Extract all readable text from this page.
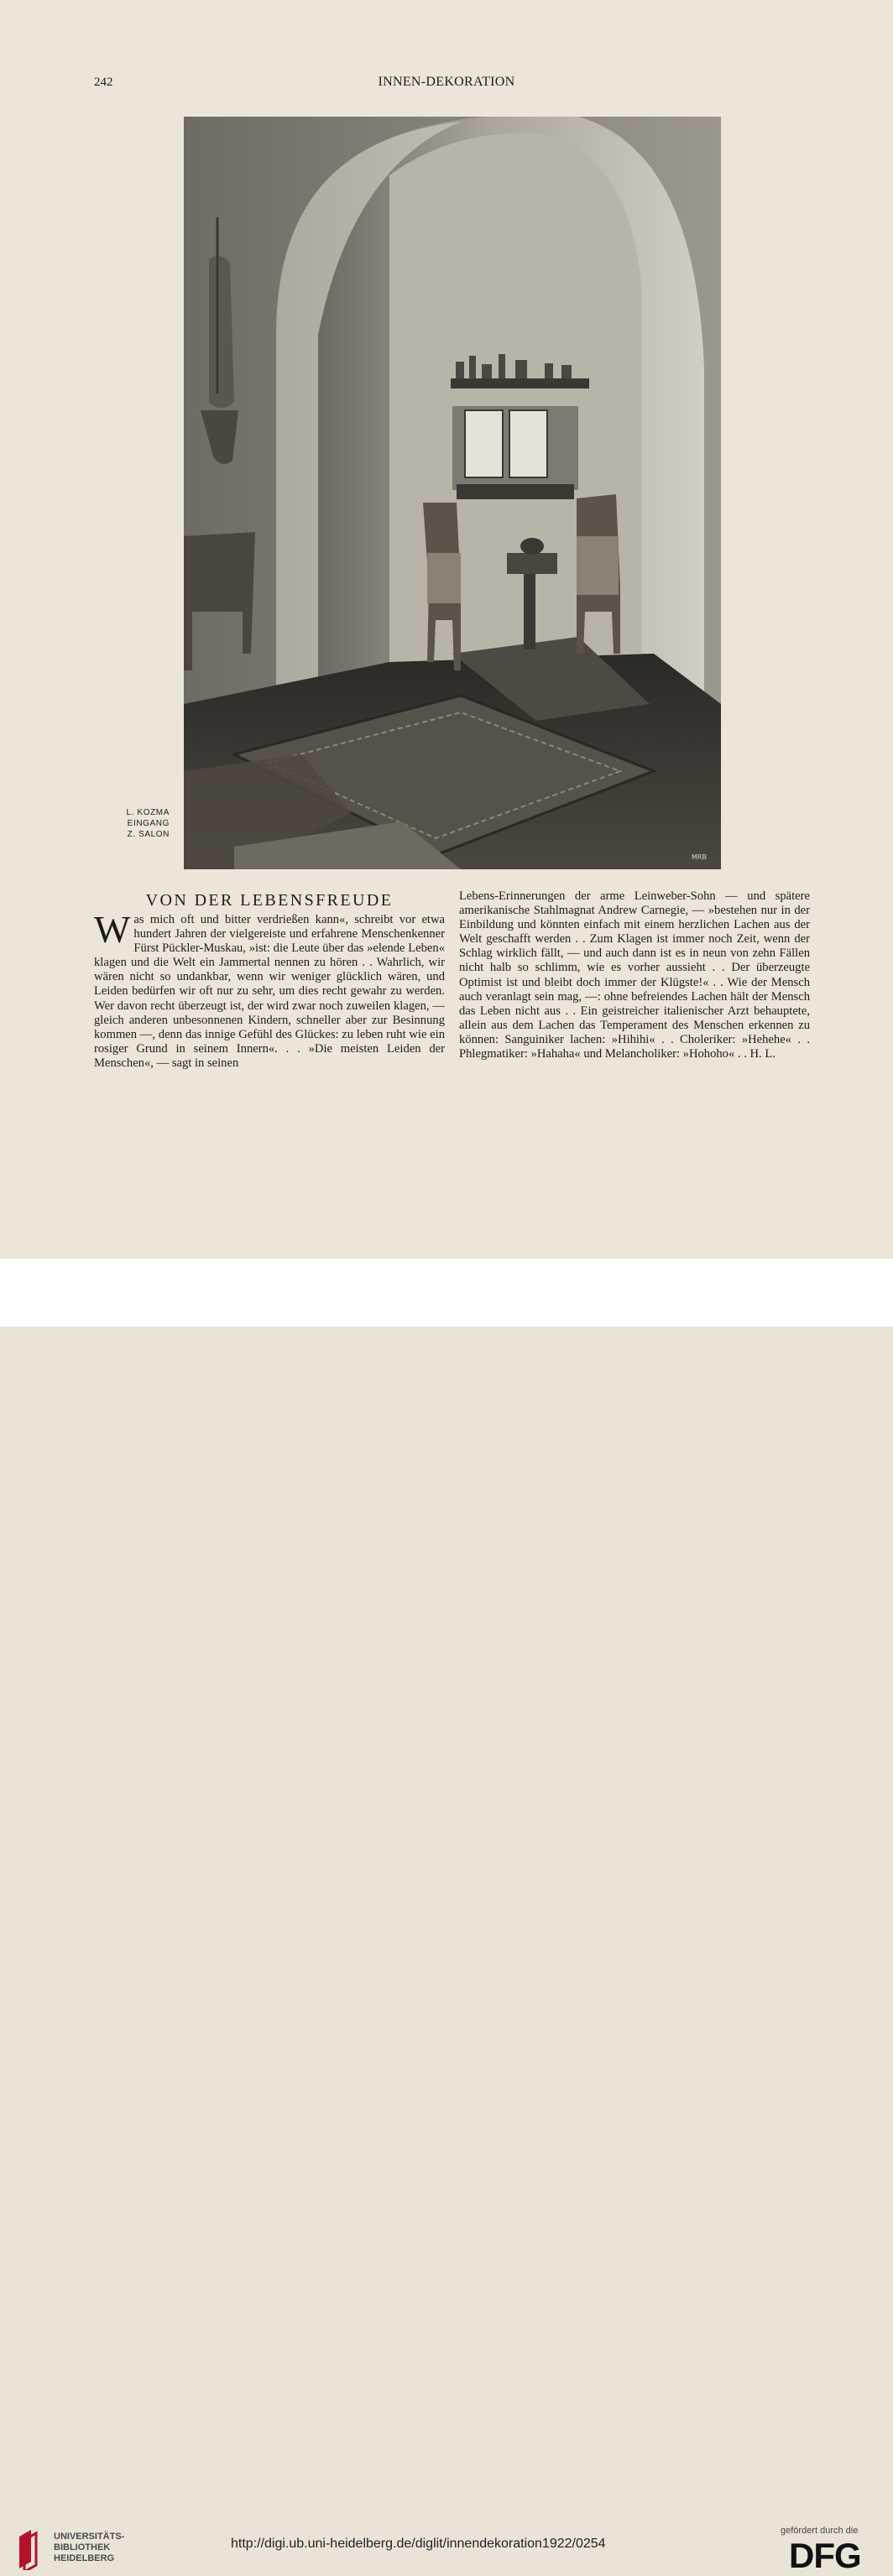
242	INNEN-DEKORATION
MRB
L. KOZMA
EINGANG
Z. SALON
VON DER LEBENSFREUDE

Was mich oft und bitter verdrießen kann«, schreibt vor etwa hundert Jahren der vielgereiste und erfahrene Menschenkenner Fürst Pückler-Muskau, »ist: die Leute über das »elende Leben« klagen und die Welt ein Jammertal nennen zu hören . . Wahrlich, wir wären nicht so undankbar, wenn wir weniger glücklich wären, und Leiden bedürfen wir oft nur zu sehr, um dies recht gewahr zu werden. Wer davon recht überzeugt ist, der wird zwar noch zuweilen klagen, — gleich anderen unbesonnenen Kindern, schneller aber zur Besinnung kommen —, denn das innige Gefühl des Glückes: zu leben ruht wie ein rosiger Grund in seinem Innern«. . . »Die meisten Leiden der Menschen«, — sagt in seinen

Lebens-Erinnerungen der arme Leinweber-Sohn — und spätere amerikanische Stahlmagnat Andrew Carnegie, — »bestehen nur in der Einbildung und könnten einfach mit einem herzlichen Lachen aus der Welt geschafft werden . . Zum Klagen ist immer noch Zeit, wenn der Schlag wirklich fällt, — und auch dann ist es in neun von zehn Fällen nicht halb so schlimm, wie es vorher aussieht . . Der überzeugte Optimist ist und bleibt doch immer der Klügste!« . . Wie der Mensch auch veranlagt sein mag, —: ohne befreiendes Lachen hält der Mensch das Leben nicht aus . . Ein geistreicher italienischer Arzt behauptete, allein aus dem Lachen das Temperament des Menschen erkennen zu können: Sanguiniker lachen: »Hihihi« . . Choleriker: »Hehehe« . . Phlegmatiker: »Hahaha« und Melancholiker: »Hohoho« . . H. L.

UNIVERSITÄTS-
BIBLIOTHEK
HEIDELBERG
http://digi.ub.uni-heidelberg.de/diglit/innendekoration1922/0254
gefördert durch die
DFG
